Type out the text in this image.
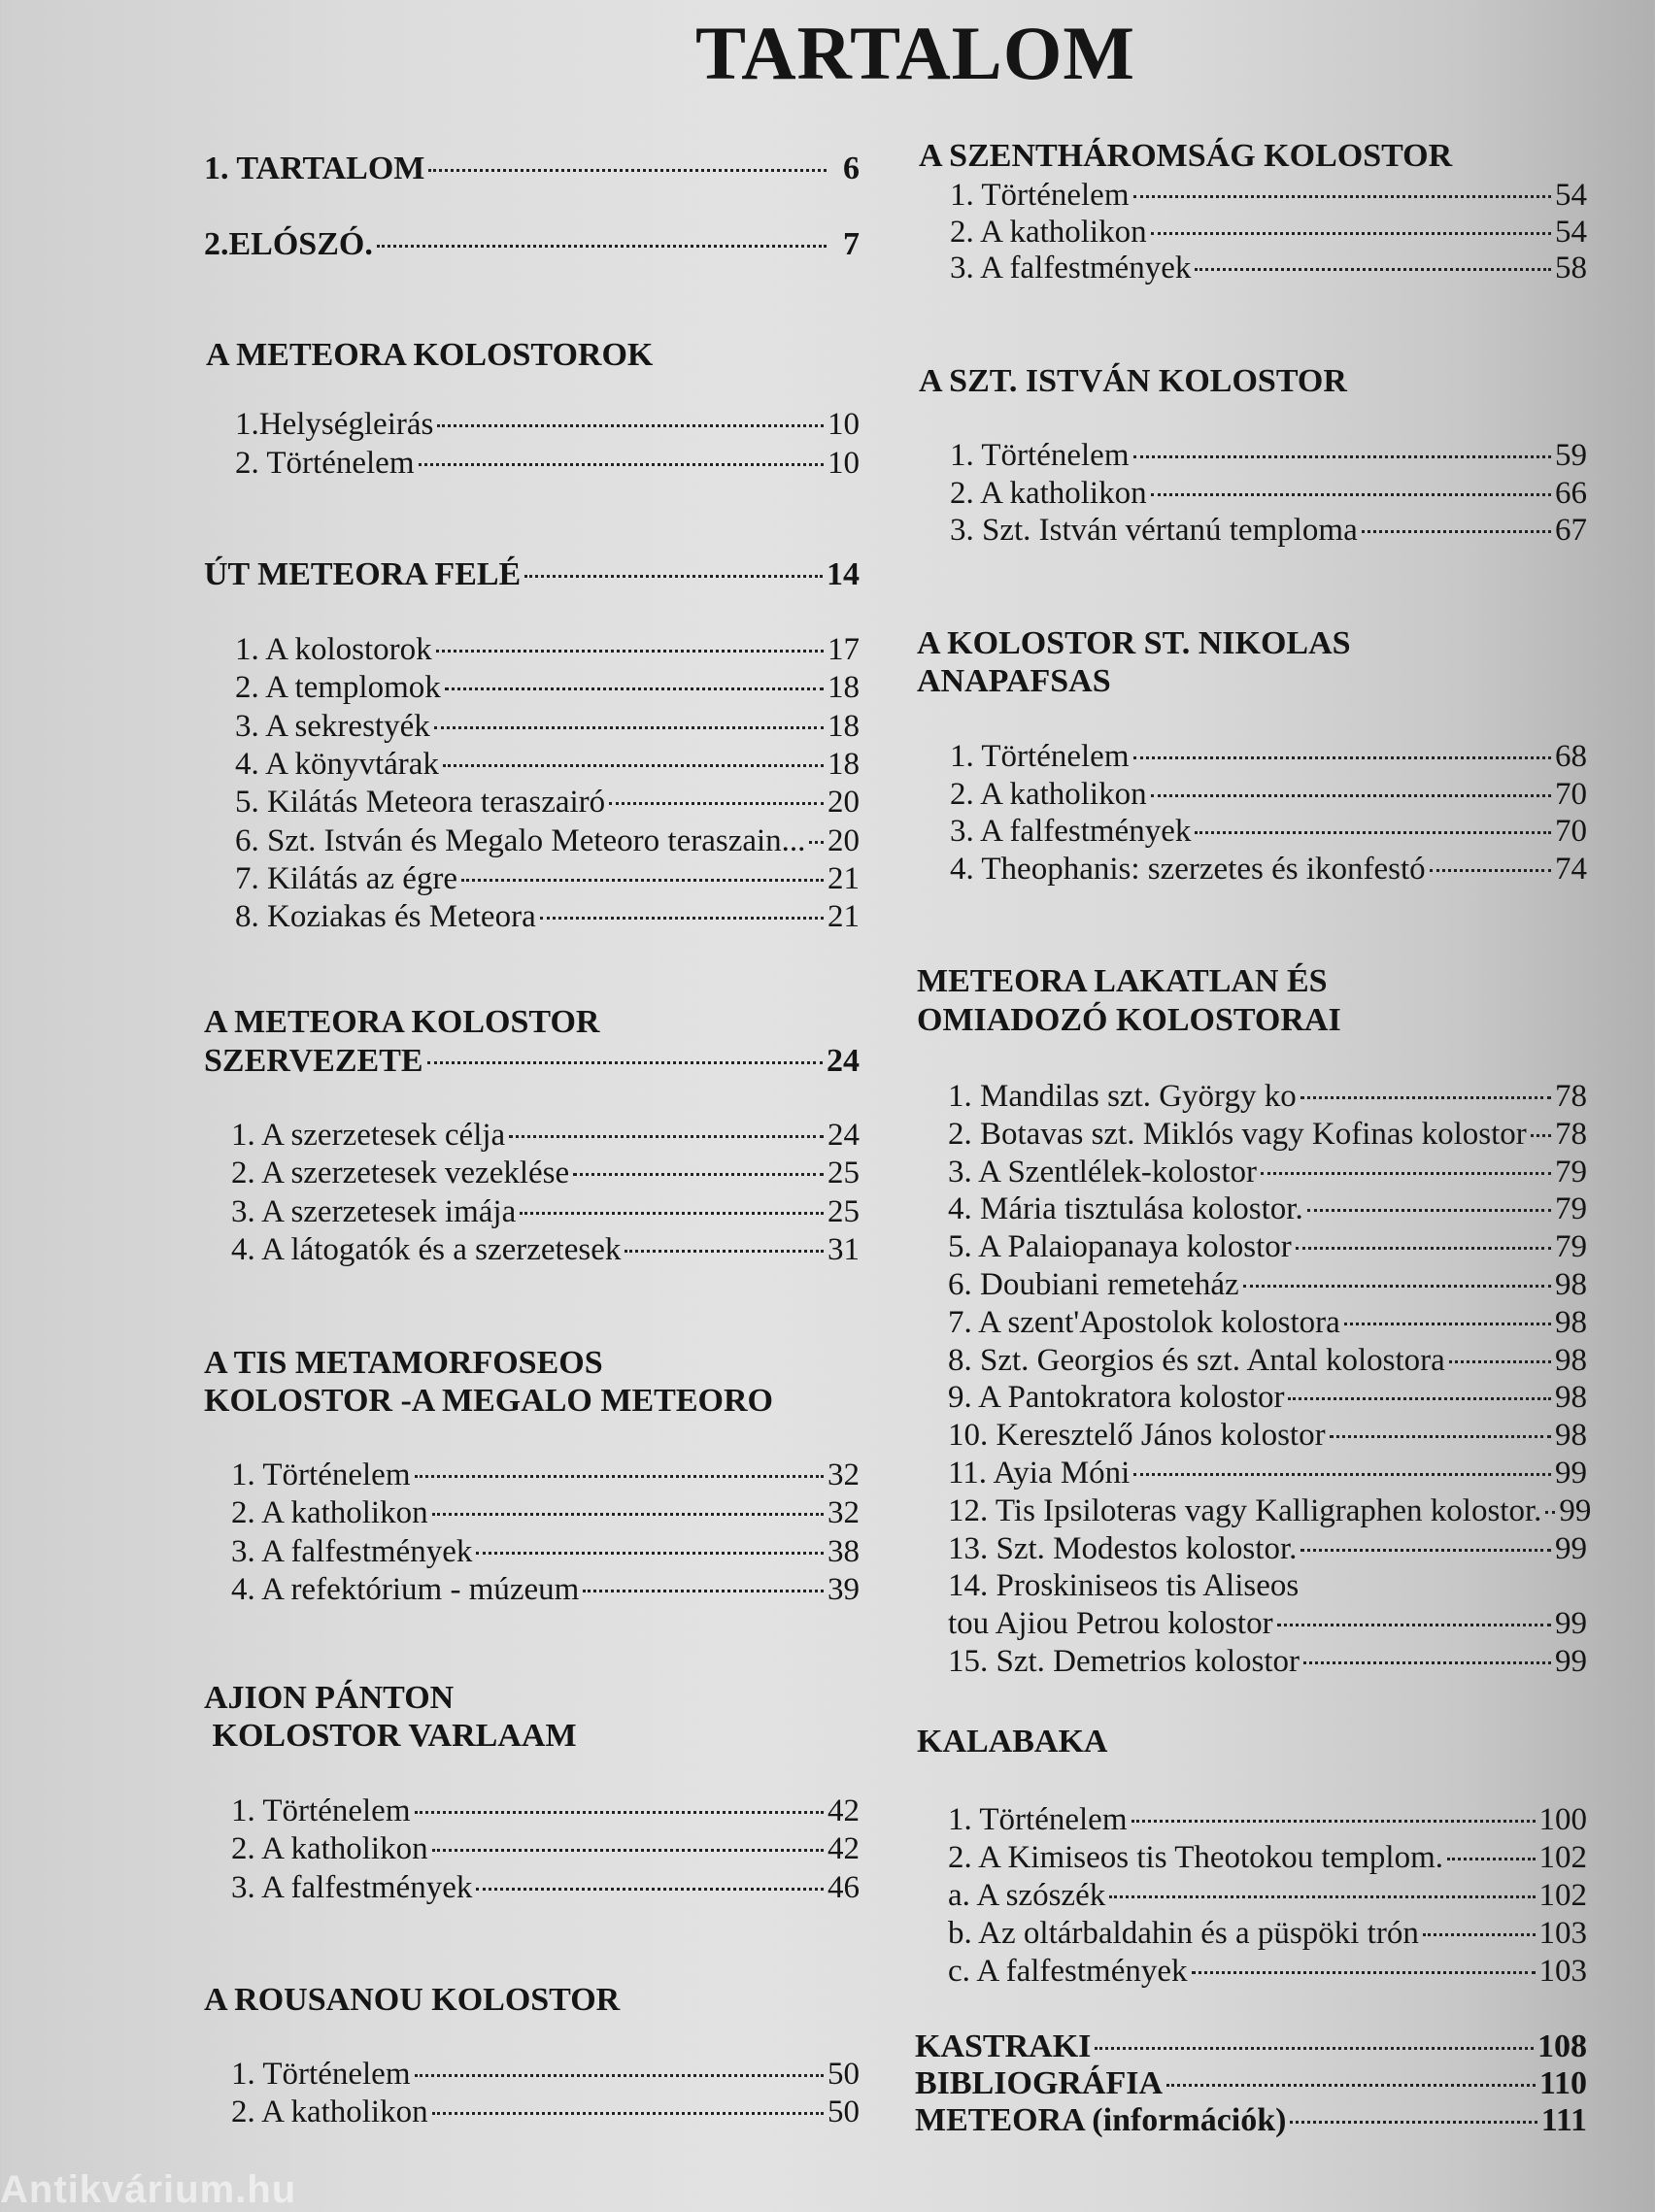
TARTALOM
1. TARTALOM	6
2.ELÓSZÓ.	7
A METEORA KOLOSTOROK
1.Helységleirás	10
2. Történelem	10
ÚT METEORA FELÉ	14
1. A kolostorok	17
2. A templomok	18
3. A sekrestyék	18
4. A könyvtárak	18
5. Kilátás Meteora teraszairó	20
6. Szt. István és Megalo Meteoro teraszain... 20
7. Kilátás az égre	21
8. Koziakas és Meteora	21
A METEORA KOLOSTOR
SZERVEZETE	24
1. A szerzetesek célja	24
2. A szerzetesek vezeklése	25
3. A szerzetesek imája	25
4. A látogatók és a szerzetesek	31
A TIS METAMORFOSEOS
KOLOSTOR -A MEGALO METEORO
1. Történelem	32
2. A katholikon	32
3. A falfestmények	38
4. A refektórium - múzeum	39
AJION PÁNTON
KOLOSTOR VARLAAM
1. Történelem	42
2. A katholikon	42
3. A falfestmények	46
A ROUSANOU KOLOSTOR
1. Történelem	50
2. A katholikon	50
A SZENTHÁROMSÁG KOLOSTOR
1. Történelem	54
2. A katholikon	54
3. A falfestmények	58
A SZT. ISTVÁN KOLOSTOR
1. Történelem	59
2. A katholikon	66
3. Szt. István vértanú temploma	67
A KOLOSTOR ST. NIKOLAS
ANAPAFSAS
1. Történelem	68
2. A katholikon	70
3. A falfestmények	70
4. Theophanis: szerzetes és ikonfestó	74
METEORA LAKATLAN ÉS
OMIADOZÓ KOLOSTORAI
1. Mandilas szt. György ko	78
2. Botavas szt. Miklós vagy Kofinas kolostor 78
3. A Szentlélek-kolostor	79
4. Mária tisztulása kolostor.	79
5. A Palaiopanaya kolostor	79
6. Doubiani remeteház	98
7. A szent'Apostolok kolostora	98
8. Szt. Georgios és szt. Antal kolostora	98
9. A Pantokratora kolostor	98
10. Keresztelő János kolostor	98
11. Ayia Móni	99
12. Tis Ipsiloteras vagy Kalligraphen kolostor. 99
13. Szt. Modestos kolostor.	99
14. Proskiniseos tis Aliseos
tou Ajiou Petrou kolostor	99
15. Szt. Demetrios kolostor	99
KALABAKA
1. Történelem	100
2. A Kimiseos tis Theotokou templom.	102
a. A szószék	102
b. Az oltárbaldahin és a püspöki trón	103
c. A falfestmények	103
KASTRAKI	108
BIBLIOGRÁFIA	110
METEORA (információk)	111
Antikvárium.hu
